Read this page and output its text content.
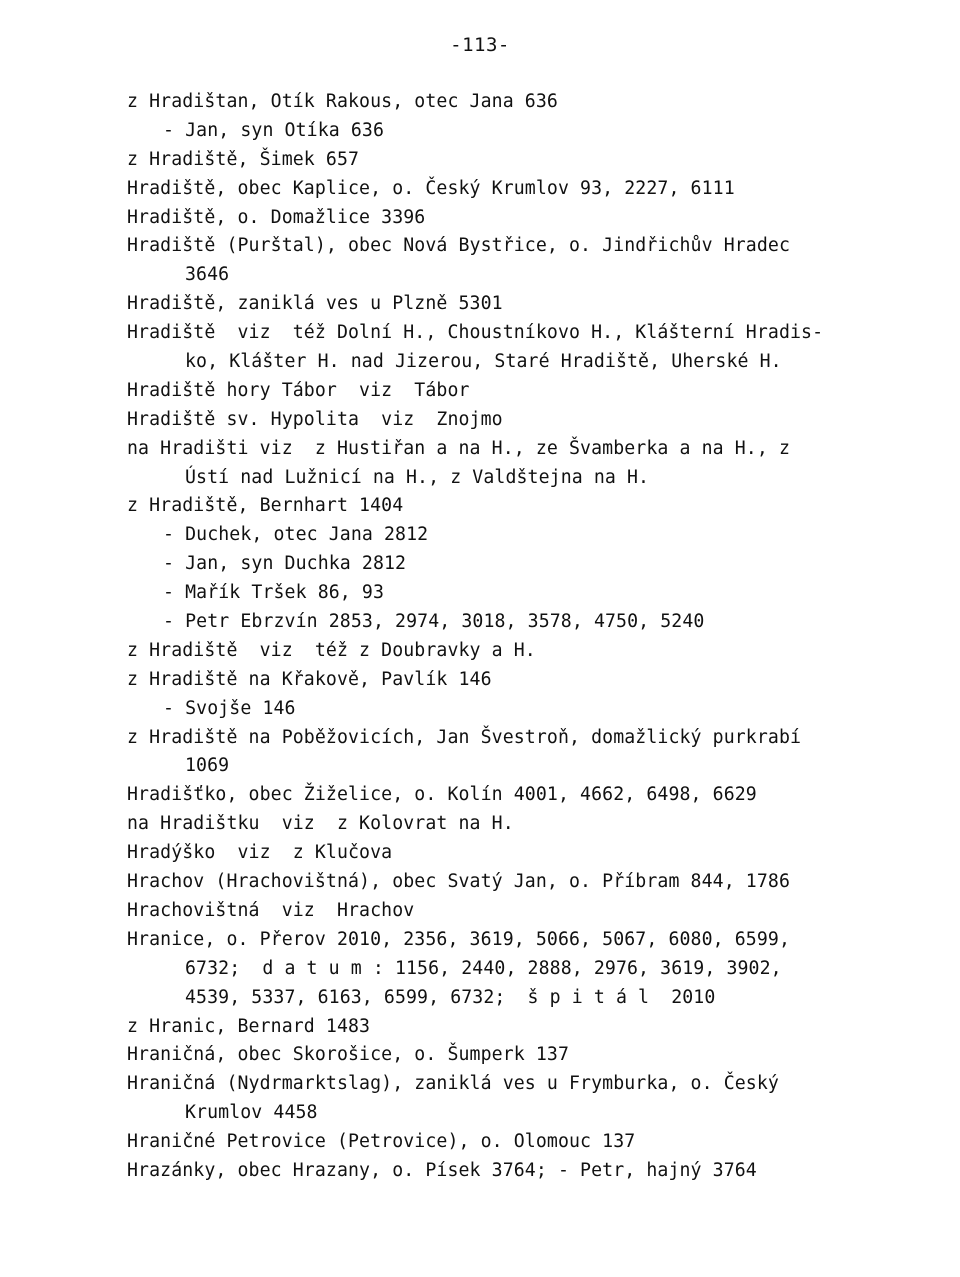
-113-
z Hradištan, Otík Rakous, otec Jana 636
- Jan, syn Otíka 636
z Hradiště, Šimek 657
Hradiště, obec Kaplice, o. Český Krumlov 93, 2227, 6111
Hradiště, o. Domažlice 3396
Hradiště (Purštal), obec Nová Bystřice, o. Jindřichův Hradec
3646
Hradiště, zaniklá ves u Plzně 5301
Hradiště  viz  též Dolní H., Choustníkovo H., Klášterní Hradis-
ko, Klášter H. nad Jizerou, Staré Hradiště, Uherské H.
Hradiště hory Tábor  viz  Tábor
Hradiště sv. Hypolita  viz  Znojmo
na Hradišti viz  z Hustiřan a na H., ze Švamberka a na H., z
Ústí nad Lužnicí na H., z Valdštejna na H.
z Hradiště, Bernhart 1404
- Duchek, otec Jana 2812
- Jan, syn Duchka 2812
- Mařík Tršek 86, 93
- Petr Ebrzvín 2853, 2974, 3018, 3578, 4750, 5240
z Hradiště  viz  též z Doubravky a H.
z Hradiště na Křakově, Pavlík 146
- Svojše 146
z Hradiště na Poběžovicích, Jan Švestroň, domažlický purkrabí
1069
Hradišťko, obec Žiželice, o. Kolín 4001, 4662, 6498, 6629
na Hradištku  viz  z Kolovrat na H.
Hradýško  viz  z Klučova
Hrachov (Hrachovištná), obec Svatý Jan, o. Příbram 844, 1786
Hrachovištná  viz  Hrachov
Hranice, o. Přerov 2010, 2356, 3619, 5066, 5067, 6080, 6599,
6732;  d a t u m : 1156, 2440, 2888, 2976, 3619, 3902,
4539, 5337, 6163, 6599, 6732;  š p i t á l  2010
z Hranic, Bernard 1483
Hraničná, obec Skorošice, o. Šumperk 137
Hraničná (Nydrmarktslag), zaniklá ves u Frymburka, o. Český
Krumlov 4458
Hraničné Petrovice (Petrovice), o. Olomouc 137
Hrazánky, obec Hrazany, o. Písek 3764; - Petr, hajný 3764
